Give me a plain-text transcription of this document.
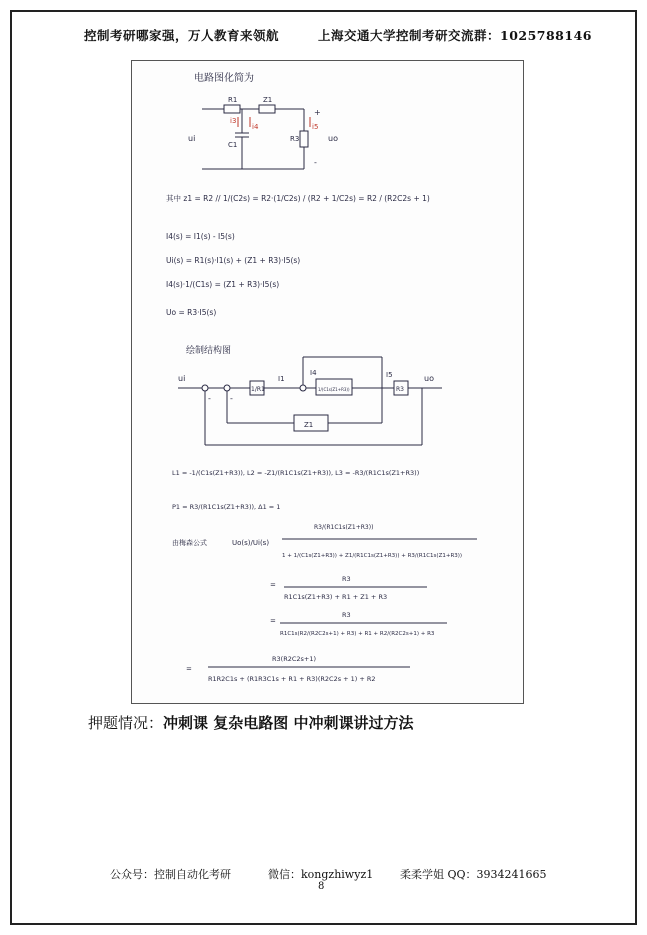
控制考研哪家强，万人教育来领航	上海交通大学控制考研交流群：1025788146
电路图化简为
R1	Z1
i3
i4
+
i5
ui
C1
R3	uo
-
其中 z1 = R2 // 1/(C2s) = R2·(1/C2s) / (R2 + 1/C2s) = R2 / (R2C2s + 1)
I4(s) = I1(s) - I5(s)
Ui(s) = R1(s)·I1(s) + (Z1 + R3)·I5(s)
I4(s)·1/(C1s) = (Z1 + R3)·I5(s)
Uo = R3·I5(s)
绘制结构图
ui
1/R1
I1
I4
1/(C1s(Z1+R3))
I5
R3
uo
Z1
- -
L1 = -1/(C1s(Z1+R3)), L2 = -Z1/(R1C1s(Z1+R3)), L3 = -R3/(R1C1s(Z1+R3))
P1 = R3/(R1C1s(Z1+R3)), Δ1 = 1
由梅森公式	Uo(s)/Ui(s)
R3/(R1C1s(Z1+R3))
1 + 1/(C1s(Z1+R3)) + Z1/(R1C1s(Z1+R3)) + R3/(R1C1s(Z1+R3))
=
R3
R1C1s(Z1+R3) + R1 + Z1 + R3
=
R3
R1C1s(R2/(R2C2s+1) + R3) + R1 + R2/(R2C2s+1) + R3
=
R3(R2C2s+1)
R1R2C1s + (R1R3C1s + R1 + R3)(R2C2s + 1) + R2
押题情况：冲刺课 复杂电路图 中冲刺课讲过方法
公众号：控制自动化考研	微信：kongzhiwyz1 柔柔学姐 QQ：3934241665
8
